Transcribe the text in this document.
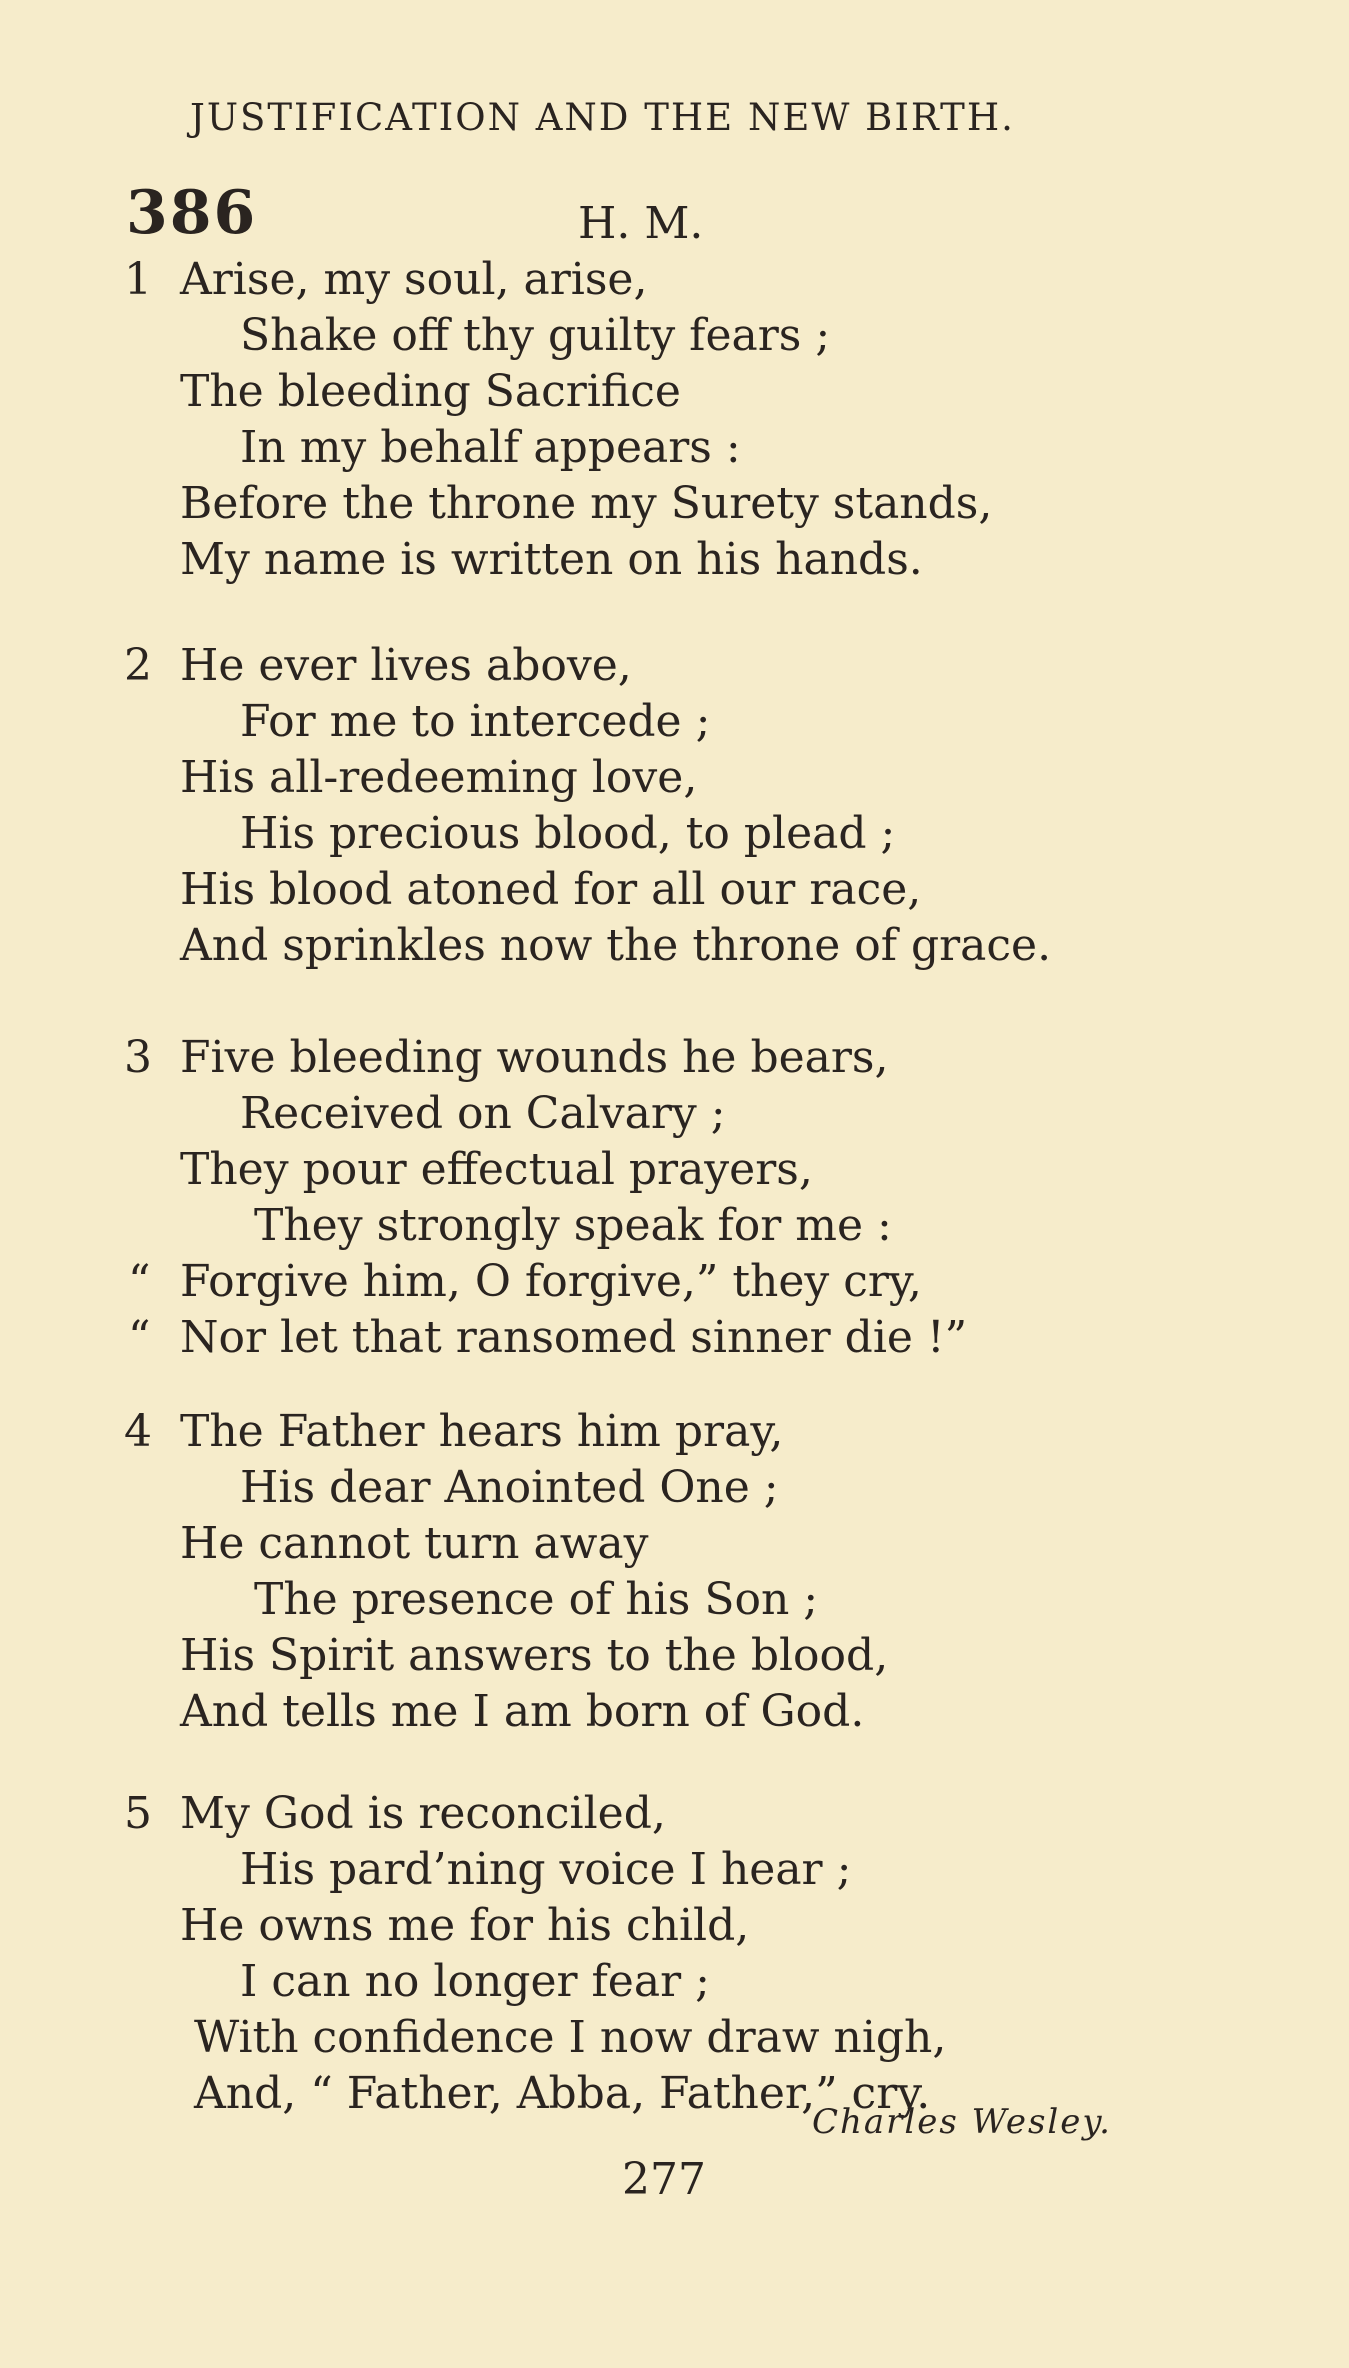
JUSTIFICATION AND THE NEW BIRTH.
386	H. M.
1 Arise, my soul, arise,
Shake off thy guilty fears ;
The bleeding Sacrifice
In my behalf appears :
Before the throne my Surety stands,
My name is written on his hands.
2 He ever lives above,
For me to intercede ;
His all-redeeming love,
His precious blood, to plead ;
His blood atoned for all our race,
And sprinkles now the throne of grace.
3 Five bleeding wounds he bears,
Received on Calvary ;
They pour effectual prayers,
They strongly speak for me :
“ Forgive him, O forgive,” they cry,
“ Nor let that ransomed sinner die !”
4 The Father hears him pray,
His dear Anointed One ;
He cannot turn away
The presence of his Son ;
His Spirit answers to the blood,
And tells me I am born of God.
5 My God is reconciled,
His pard’ning voice I hear ;
He owns me for his child,
I can no longer fear ;
With confidence I now draw nigh,
And, “ Father, Abba, Father,” cry.
Charles Wesley.
277
